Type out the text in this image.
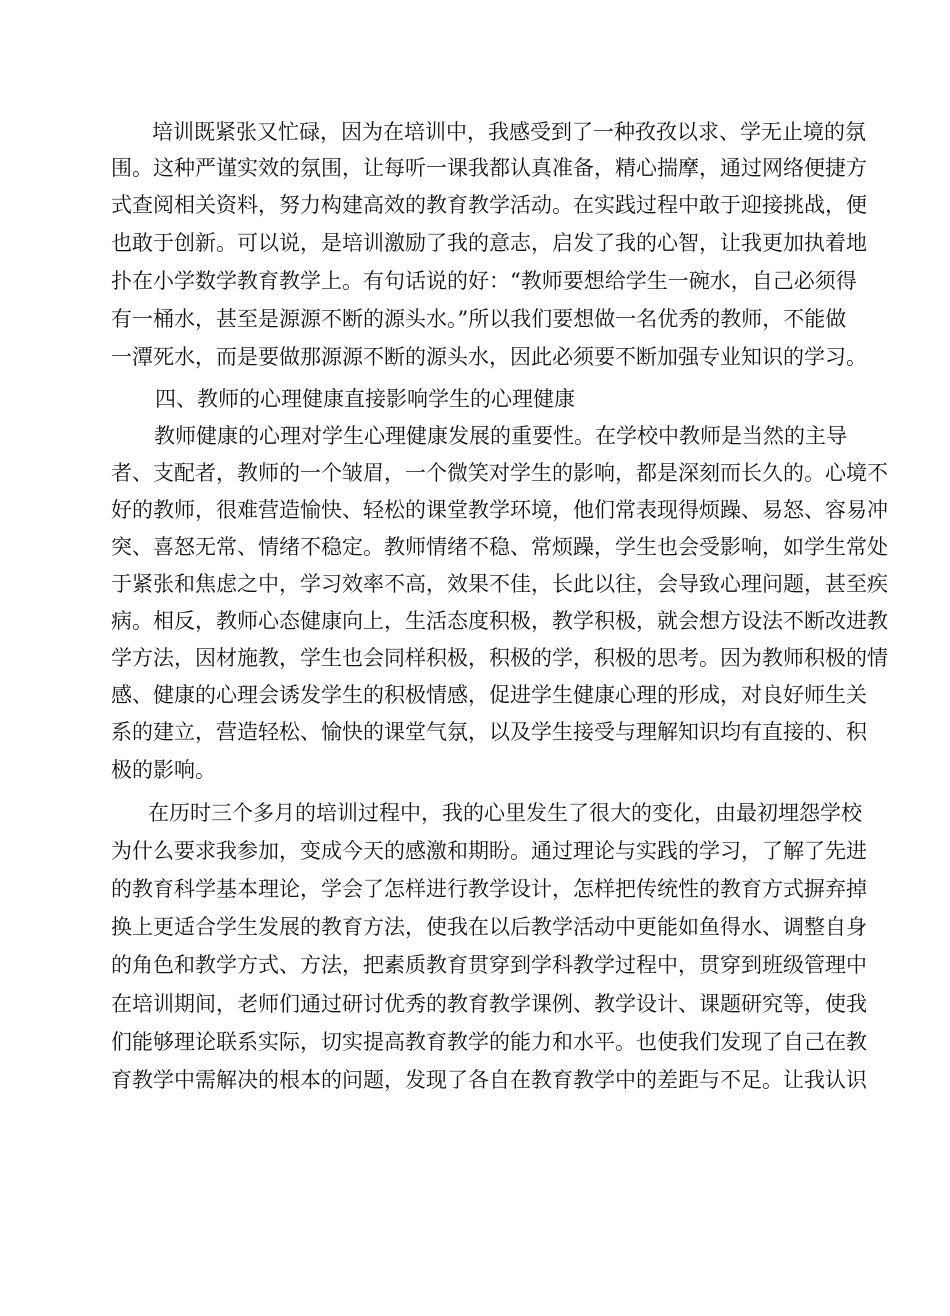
培训既紧张又忙碌，因为在培训中，我感受到了一种孜孜以求、学无止境的氛
围。这种严谨实效的氛围，让每听一课我都认真准备，精心揣摩，通过网络便捷方
式查阅相关资料，努力构建高效的教育教学活动。在实践过程中敢于迎接挑战，便
也敢于创新。可以说，是培训激励了我的意志，启发了我的心智，让我更加执着地
扑在小学数学教育教学上。有句话说的好：“教师要想给学生一碗水，自己必须得
有一桶水，甚至是源源不断的源头水。”所以我们要想做一名优秀的教师，不能做
一潭死水，而是要做那源源不断的源头水，因此必须要不断加强专业知识的学习。
四、教师的心理健康直接影响学生的心理健康
教师健康的心理对学生心理健康发展的重要性。在学校中教师是当然的主导
者、支配者，教师的一个皱眉，一个微笑对学生的影响，都是深刻而长久的。心境不
好的教师，很难营造愉快、轻松的课堂教学环境，他们常表现得烦躁、易怒、容易冲
突、喜怒无常、情绪不稳定。教师情绪不稳、常烦躁，学生也会受影响，如学生常处
于紧张和焦虑之中，学习效率不高，效果不佳，长此以往，会导致心理问题，甚至疾
病。相反，教师心态健康向上，生活态度积极，教学积极，就会想方设法不断改进教
学方法，因材施教，学生也会同样积极，积极的学，积极的思考。因为教师积极的情
感、健康的心理会诱发学生的积极情感，促进学生健康心理的形成，对良好师生关
系的建立，营造轻松、愉快的课堂气氛，以及学生接受与理解知识均有直接的、积
极的影响。
在历时三个多月的培训过程中，我的心里发生了很大的变化，由最初埋怨学校
为什么要求我参加，变成今天的感激和期盼。通过理论与实践的学习，了解了先进
的教育科学基本理论，学会了怎样进行教学设计，怎样把传统性的教育方式摒弃掉
换上更适合学生发展的教育方法，使我在以后教学活动中更能如鱼得水、调整自身
的角色和教学方式、方法，把素质教育贯穿到学科教学过程中，贯穿到班级管理中
在培训期间，老师们通过研讨优秀的教育教学课例、教学设计、课题研究等，使我
们能够理论联系实际，切实提高教育教学的能力和水平。也使我们发现了自己在教
育教学中需解决的根本的问题，发现了各自在教育教学中的差距与不足。让我认识
